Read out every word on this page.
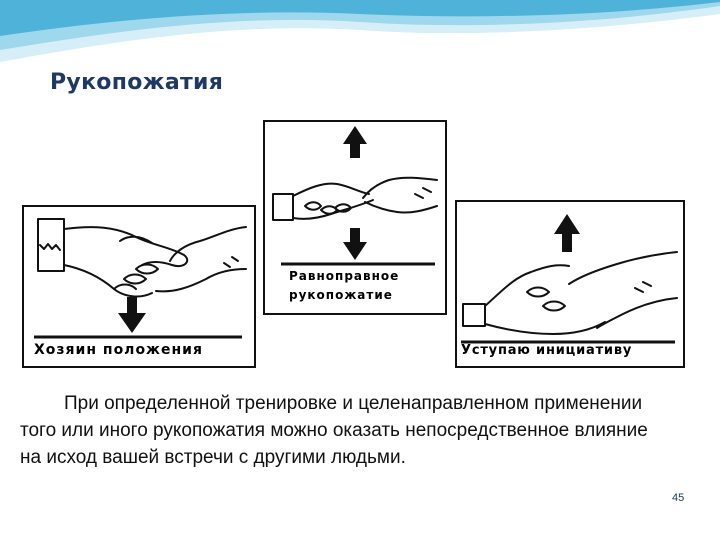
Рукопожатия
Хозяин положения
Равноправное рукопожатие
Уступаю инициативу

При определенной тренировке и целенаправленном применении того или иного рукопожатия можно оказать непосредственное влияние на исход вашей встречи с другими людьми.

45
